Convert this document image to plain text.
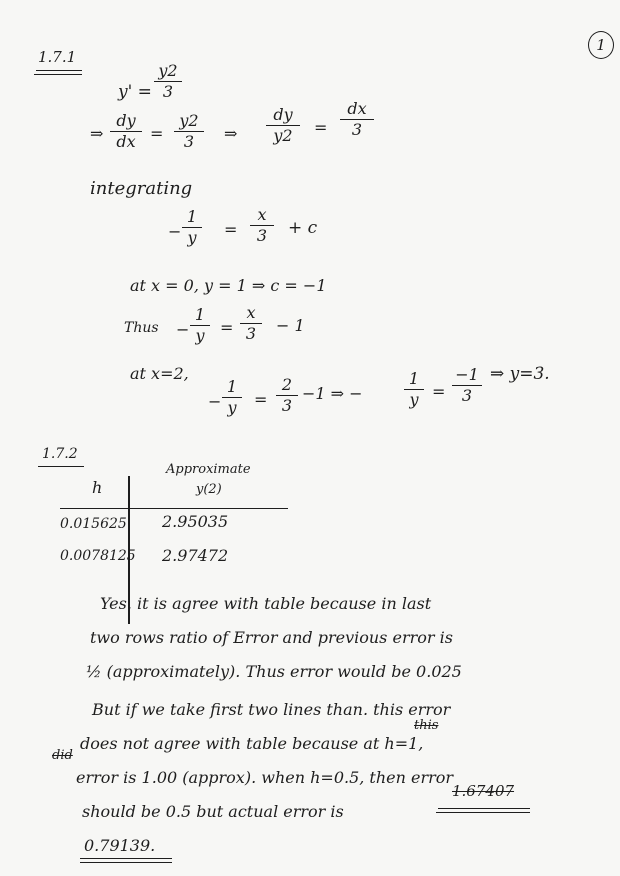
1
1.7.1
y' =
y2
3
⇒
dy
dx =
y2
3	⇒
dy
y2	=
dx
3
integrating
−
1
y	=
x
3	+ c
at x = 0, y = 1 ⇒ c = −1
Thus −
1
y =
x
3	− 1
at x=2,
−
1
y	=
2
3
−1 ⇒ −
1
y =
−1
3
⇒ y=3.
1.7.2
h
Approximate
y(2)
0.015625 2.95035
0.0078125 2.97472
Yes. it is agree with table because in last
two rows ratio of Error and previous error is
½ (approximately). Thus error would be 0.025
But if we take first two lines than. this error
does not agree with table because at h=1,
error is 1.00 (approx). when h=0.5, then error
should be 0.5 but actual error is
1.67407
this
did
0.79139.
